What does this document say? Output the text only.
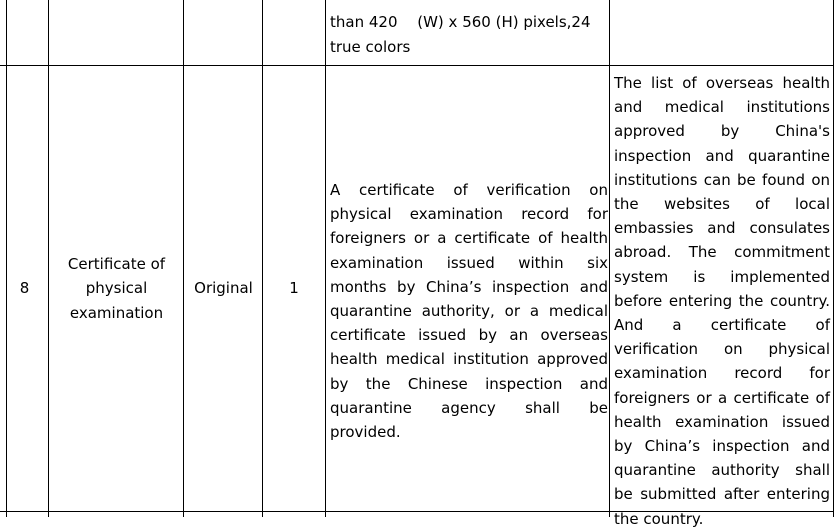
than 420 　(W) x 560 (H) pixels,24 true colors
8
Certificate of physical examination
Original 1
A certificate of verification on physical examination record for foreigners or a certificate of health examination issued within six months by China’s inspection and quarantine authority, or a medical certificate issued by an overseas health medical institution approved by the Chinese inspection and quarantine agency shall be provided.
The list of overseas health and medical institutions approved by China's inspection and quarantine institutions can be found on the websites of local embassies and consulates abroad. The commitment system is implemented before entering the country. And a certificate of verification on physical examination record for foreigners or a certificate of health examination issued by China’s inspection and quarantine authority shall be submitted after entering the country.
